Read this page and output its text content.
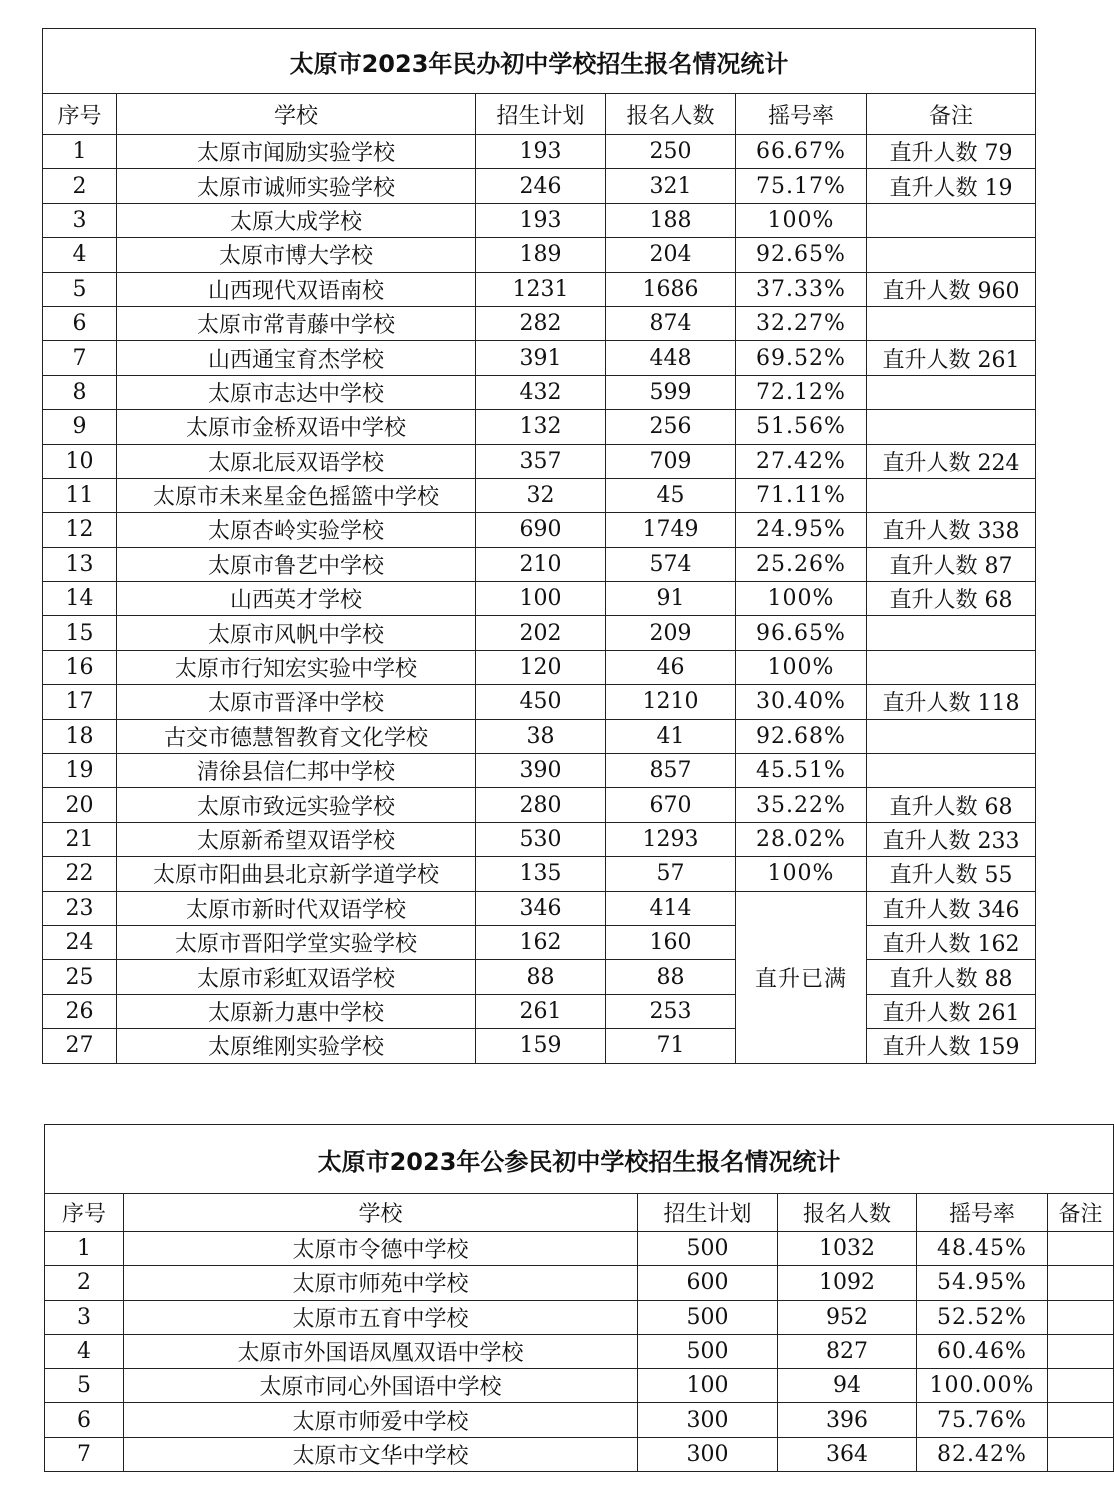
太原市2023年民办初中学校招生报名情况统计					
序号	学校	招生计划	报名人数	摇号率	备注
1	太原市闻励实验学校	193	250	66.67%	直升人数 79
2	太原市诚师实验学校	246	321	75.17%	直升人数 19
3	太原大成学校	193	188	100%	
4	太原市博大学校	189	204	92.65%	
5	山西现代双语南校	1231	1686	37.33%	直升人数 960
6	太原市常青藤中学校	282	874	32.27%	
7	山西通宝育杰学校	391	448	69.52%	直升人数 261
8	太原市志达中学校	432	599	72.12%	
9	太原市金桥双语中学校	132	256	51.56%	
10	太原北辰双语学校	357	709	27.42%	直升人数 224
11	太原市未来星金色摇篮中学校	32	45	71.11%	
12	太原杏岭实验学校	690	1749	24.95%	直升人数 338
13	太原市鲁艺中学校	210	574	25.26%	直升人数 87
14	山西英才学校	100	91	100%	直升人数 68
15	太原市风帆中学校	202	209	96.65%	
16	太原市行知宏实验中学校	120	46	100%	
17	太原市晋泽中学校	450	1210	30.40%	直升人数 118
18	古交市德慧智教育文化学校	38	41	92.68%	
19	清徐县信仁邦中学校	390	857	45.51%	
20	太原市致远实验学校	280	670	35.22%	直升人数 68
21	太原新希望双语学校	530	1293	28.02%	直升人数 233
22	太原市阳曲县北京新学道学校	135	57	100%	直升人数 55
23	太原市新时代双语学校	346	414	直升已满	直升人数 346
24	太原市晋阳学堂实验学校	162	160		直升人数 162
25	太原市彩虹双语学校	88	88		直升人数 88
26	太原新力惠中学校	261	253		直升人数 261
27	太原维刚实验学校	159	71		直升人数 159
太原市2023年公参民初中学校招生报名情况统计					
序号	学校	招生计划	报名人数	摇号率	备注
1	太原市令德中学校	500	1032	48.45%	
2	太原市师苑中学校	600	1092	54.95%	
3	太原市五育中学校	500	952	52.52%	
4	太原市外国语凤凰双语中学校	500	827	60.46%	
5	太原市同心外国语中学校	100	94	100.00%	
6	太原市师爱中学校	300	396	75.76%	
7	太原市文华中学校	300	364	82.42%	
